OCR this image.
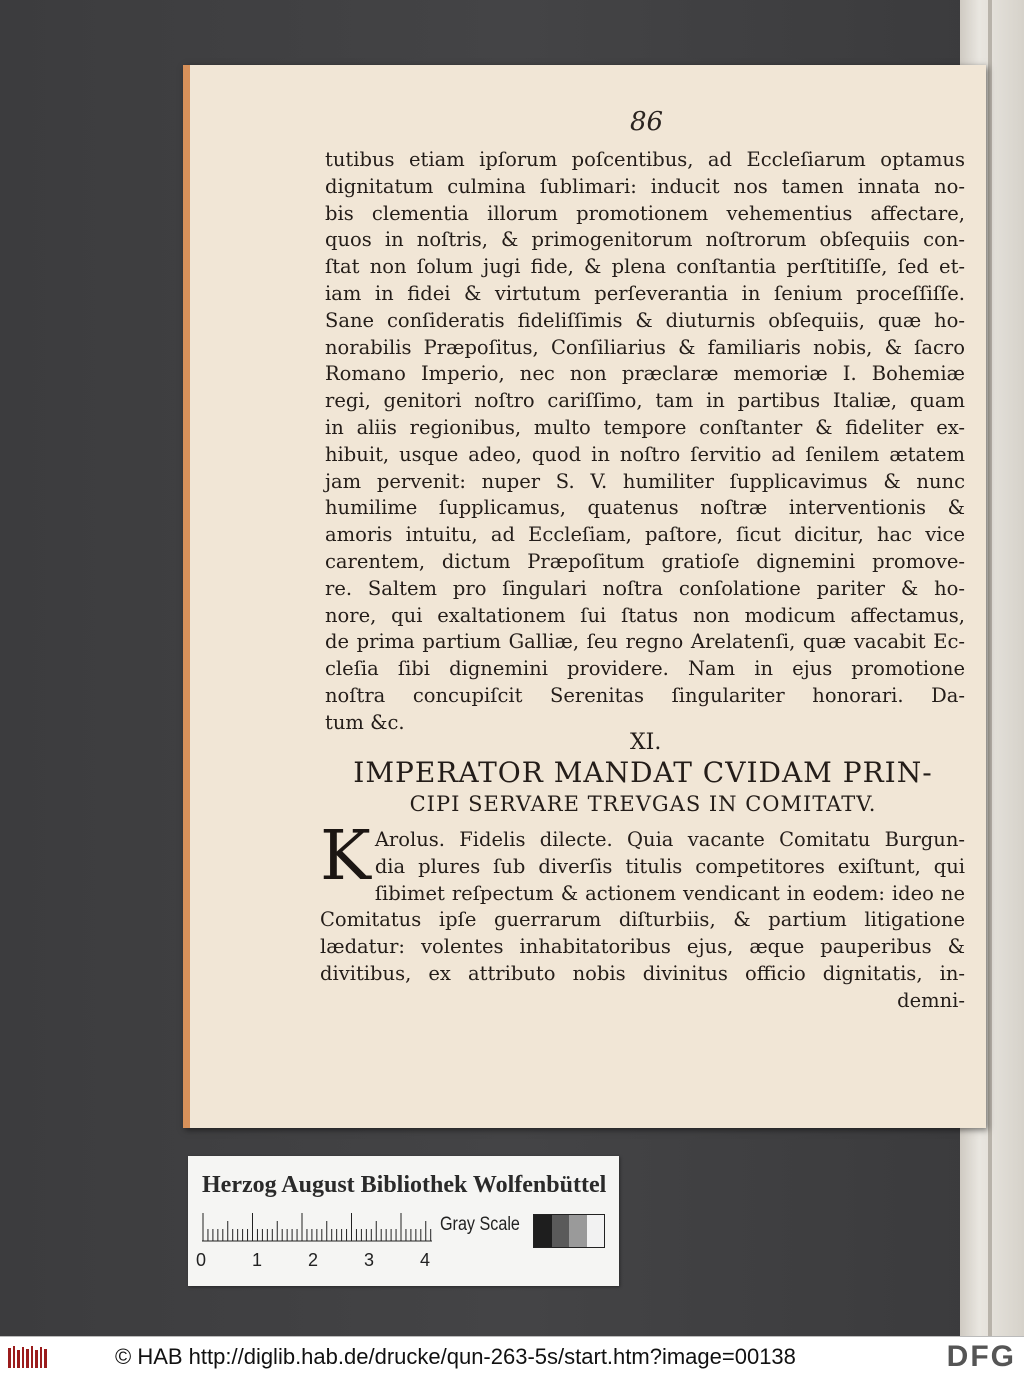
86
tutibus etiam ipſorum poſcentibus, ad Eccleſiarum optamus
dignitatum culmina ſublimari: inducit nos tamen innata no-
bis clementia illorum promotionem vehementius affectare,
quos in noſtris, & primogenitorum noſtrorum obſequiis con-
ſtat non ſolum jugi fide, & plena conſtantia perſtitiſſe, ſed et-
iam in fidei & virtutum perſeverantia in ſenium proceſſiſſe.
Sane conſideratis fideliſſimis & diuturnis obſequiis, quæ ho-
norabilis Præpoſitus, Conſiliarius & familiaris nobis, & ſacro
Romano Imperio, nec non præclaræ memoriæ I. Bohemiæ
regi, genitori noſtro cariſſimo, tam in partibus Italiæ, quam
in aliis regionibus, multo tempore conſtanter & fideliter ex-
hibuit, usque adeo, quod in noſtro ſervitio ad ſenilem ætatem
jam pervenit: nuper S. V. humiliter ſupplicavimus & nunc
humilime ſupplicamus, quatenus noſtræ interventionis &
amoris intuitu, ad Eccleſiam, paſtore, ſicut dicitur, hac vice
carentem, dictum Præpoſitum gratioſe dignemini promove-
re. Saltem pro ſingulari noſtra conſolatione pariter & ho-
nore, qui exaltationem ſui ſtatus non modicum affectamus,
de prima partium Galliæ, ſeu regno Arelatenſi, quæ vacabit Ec-
cleſia ſibi dignemini providere. Nam in ejus promotione
noſtra concupiſcit Serenitas ſingulariter honorari. Da-
tum &c.
XI.
IMPERATOR MANDAT CVIDAM PRIN-
CIPI SERVARE TREVGAS IN COMITATV.
K Arolus. Fidelis dilecte. Quia vacante Comitatu Burgun-
dia plures ſub diverſis titulis competitores exiſtunt, qui
ſibimet reſpectum & actionem vendicant in eodem: ideo ne
Comitatus ipſe guerrarum diſturbiis, & partium litigatione
lædatur: volentes inhabitatoribus ejus, æque pauperibus &
divitibus, ex attributo nobis divinitus officio dignitatis, in-
demni-
Herzog August Bibliothek Wolfenbüttel
0	1	2	3	4
Gray Scale
© HAB http://diglib.hab.de/drucke/qun-263-5s/start.htm?image=00138	DFG
